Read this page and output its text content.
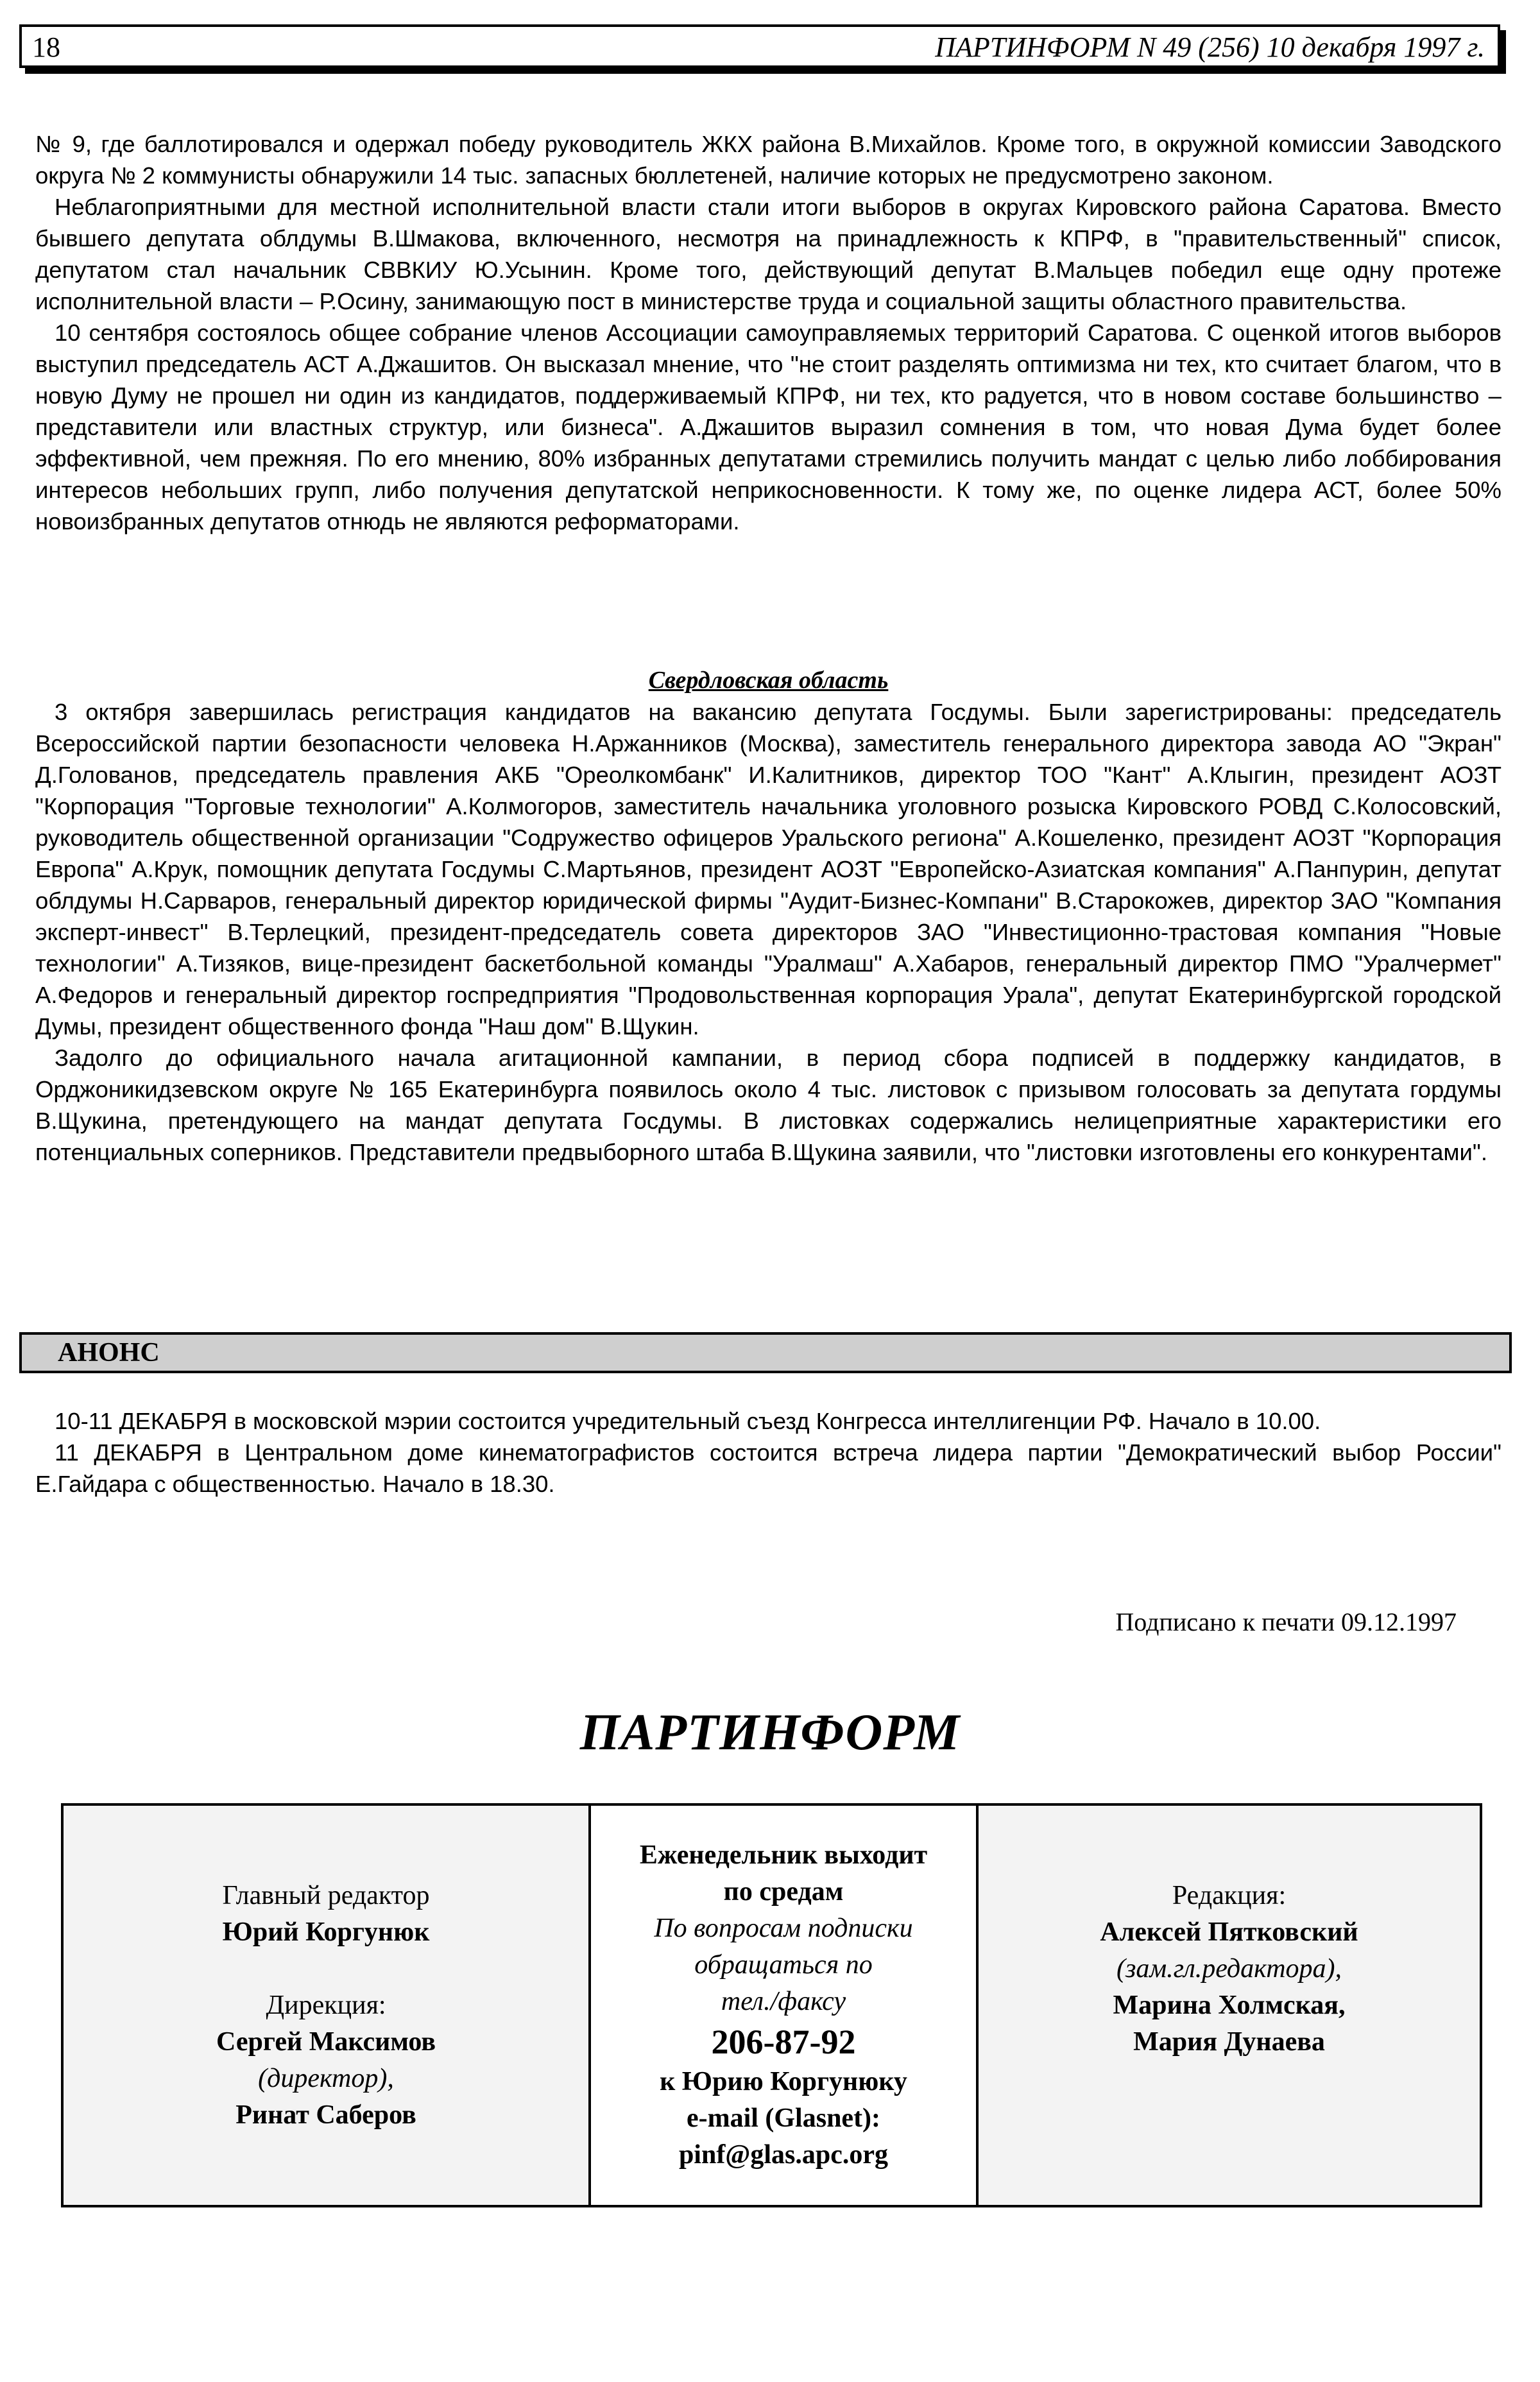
18	ПАРТИНФОРМ N 49 (256) 10 декабря 1997 г.

№ 9, где баллотировался и одержал победу руководитель ЖКХ района В.Михайлов. Кроме того, в окружной комиссии Заводского округа № 2 коммунисты обнаружили 14 тыс. запасных бюллетеней, наличие которых не предусмотрено законом.

Неблагоприятными для местной исполнительной власти стали итоги выборов в округах Кировского района Саратова. Вместо бывшего депутата облдумы В.Шмакова, включенного, несмотря на принадлежность к КПРФ, в "правительственный" список, депутатом стал начальник СВВКИУ Ю.Усынин. Кроме того, действующий депутат В.Мальцев победил еще одну протеже исполнительной власти – Р.Осину, занимающую пост в министерстве труда и социальной защиты областного правительства.

10 сентября состоялось общее собрание членов Ассоциации самоуправляемых территорий Саратова. С оценкой итогов выборов выступил председатель АСТ А.Джашитов. Он высказал мнение, что "не стоит разделять оптимизма ни тех, кто считает благом, что в новую Думу не прошел ни один из кандидатов, поддерживаемый КПРФ, ни тех, кто радуется, что в новом составе большинство – представители или властных структур, или бизнеса". А.Джашитов выразил сомнения в том, что новая Дума будет более эффективной, чем прежняя. По его мнению, 80% избранных депутатами стремились получить мандат с целью либо лоббирования интересов небольших групп, либо получения депутатской неприкосновенности. К тому же, по оценке лидера АСТ, более 50% новоизбранных депутатов отнюдь не являются реформаторами.

Свердловская область

3 октября завершилась регистрация кандидатов на вакансию депутата Госдумы. Были зарегистрированы: председатель Всероссийской партии безопасности человека Н.Аржанников (Москва), заместитель генерального директора завода АО "Экран" Д.Голованов, председатель правления АКБ "Ореолкомбанк" И.Калитников, директор ТОО "Кант" А.Клыгин, президент АОЗТ "Корпорация "Торговые технологии" А.Колмогоров, заместитель начальника уголовного розыска Кировского РОВД С.Колосовский, руководитель общественной организации "Содружество офицеров Уральского региона" А.Кошеленко, президент АОЗТ "Корпорация Европа" А.Крук, помощник депутата Госдумы С.Мартьянов, президент АОЗТ "Европейско-Азиатская компания" А.Панпурин, депутат облдумы Н.Сарваров, генеральный директор юридической фирмы "Аудит-Бизнес-Компани" В.Старокожев, директор ЗАО "Компания эксперт-инвест" В.Терлецкий, президент-председатель совета директоров ЗАО "Инвестиционно-трастовая компания "Новые технологии" А.Тизяков, вице-президент баскетбольной команды "Уралмаш" А.Хабаров, генеральный директор ПМО "Уралчермет" А.Федоров и генеральный директор госпредприятия "Продовольственная корпорация Урала", депутат Екатеринбургской городской Думы, президент общественного фонда "Наш дом" В.Щукин.

Задолго до официального начала агитационной кампании, в период сбора подписей в поддержку кандидатов, в Орджоникидзевском округе № 165 Екатеринбурга появилось около 4 тыс. листовок с призывом голосовать за депутата гордумы В.Щукина, претендующего на мандат депутата Госдумы. В листовках содержались нелицеприятные характеристики его потенциальных соперников. Представители предвыборного штаба В.Щукина заявили, что "листовки изготовлены его конкурентами".

АНОНС

10-11 ДЕКАБРЯ в московской мэрии состоится учредительный съезд Конгресса интеллигенции РФ. Начало в 10.00.

11 ДЕКАБРЯ в Центральном доме кинематографистов состоится встреча лидера партии "Демократический выбор России" Е.Гайдара с общественностью. Начало в 18.30.

Подписано к печати 09.12.1997
ПАРТИНФОРМ
Главный редактор
Юрий Коргунюк
Дирекция:
Сергей Максимов
(директор),
Ринат Саберов
Еженедельник выходит
по средам
По вопросам подписки
обращаться по
тел./факсу
206-87-92
к Юрию Коргунюку
e-mail (Glasnet):
pinf@glas.apc.org
Редакция:
Алексей Пятковский
(зам.гл.редактора),
Марина Холмская,
Мария Дунаева
